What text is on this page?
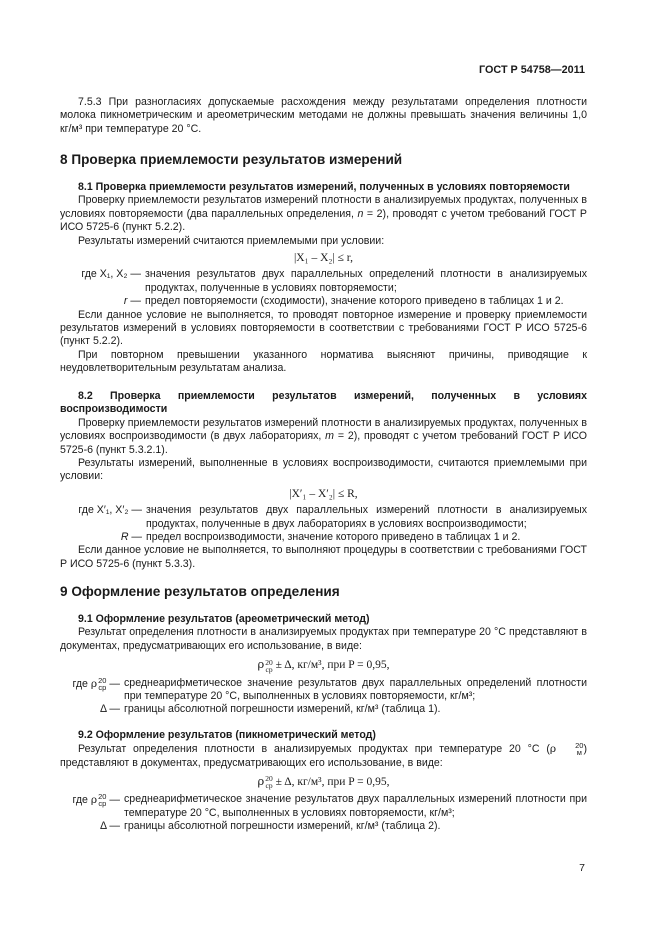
ГОСТ Р 54758—2011

7.5.3 При разногласиях допускаемые расхождения между результатами определения плотности молока пикнометрическим и ареометрическим методами не должны превышать значения величины 1,0 кг/м³ при температуре 20 °С.

8 Проверка приемлемости результатов измерений

8.1 Проверка приемлемости результатов измерений, полученных в условиях повторяемости

Проверку приемлемости результатов измерений плотности в анализируемых продуктах, полученных в условиях повторяемости (два параллельных определения, n = 2), проводят с учетом требований ГОСТ Р ИСО 5725-6 (пункт 5.2.2).

Результаты измерений считаются приемлемыми при условии:

|X₁ – X₂| ≤ r,

где X₁, X₂ — значения результатов двух параллельных определений плотности в анализируемых продуктах, полученные в условиях повторяемости;
r — предел повторяемости (сходимости), значение которого приведено в таблицах 1 и 2.

Если данное условие не выполняется, то проводят повторное измерение и проверку приемлемости результатов измерений в условиях повторяемости в соответствии с требованиями ГОСТ Р ИСО 5725-6 (пункт 5.2.2).

При повторном превышении указанного норматива выясняют причины, приводящие к неудовлетворительным результатам анализа.

8.2 Проверка приемлемости результатов измерений, полученных в условиях воспроизводимости

Проверку приемлемости результатов измерений плотности в анализируемых продуктах, полученных в условиях воспроизводимости (в двух лабораториях, m = 2), проводят с учетом требований ГОСТ Р ИСО 5725-6 (пункт 5.3.2.1).

Результаты измерений, выполненные в условиях воспроизводимости, считаются приемлемыми при условии:

|X′₁ – X′₂| ≤ R,

где X′₁, X′₂ — значения результатов двух параллельных измерений плотности в анализируемых продуктах, полученные в двух лабораториях в условиях воспроизводимости;
R — предел воспроизводимости, значение которого приведено в таблицах 1 и 2.

Если данное условие не выполняется, то выполняют процедуры в соответствии с требованиями ГОСТ Р ИСО 5725-6 (пункт 5.3.3).

9 Оформление результатов определения

9.1 Оформление результатов (ареометрический метод)

Результат определения плотности в анализируемых продуктах при температуре 20 °С представляют в документах, предусматривающих его использование, в виде:

ρ 20
ср ± Δ, кг/м³, при P = 0,95,

где ρ 20
ср — среднеарифметическое значение результатов двух параллельных определений плотности при температуре 20 °С, выполненных в условиях повторяемости, кг/м³;
Δ — границы абсолютной погрешности измерений, кг/м³ (таблица 1).

9.2 Оформление результатов (пикнометрический метод)

Результат определения плотности в анализируемых продуктах при температуре 20 °С (ρ	20
м ) представляют в документах, предусматривающих его использование, в виде:

ρ 20
ср ± Δ, кг/м³, при P = 0,95,

где ρ 20
ср — среднеарифметическое значение результатов двух параллельных измерений плотности при температуре 20 °С, выполненных в условиях повторяемости, кг/м³;
Δ — границы абсолютной погрешности измерений, кг/м³ (таблица 2).
7
